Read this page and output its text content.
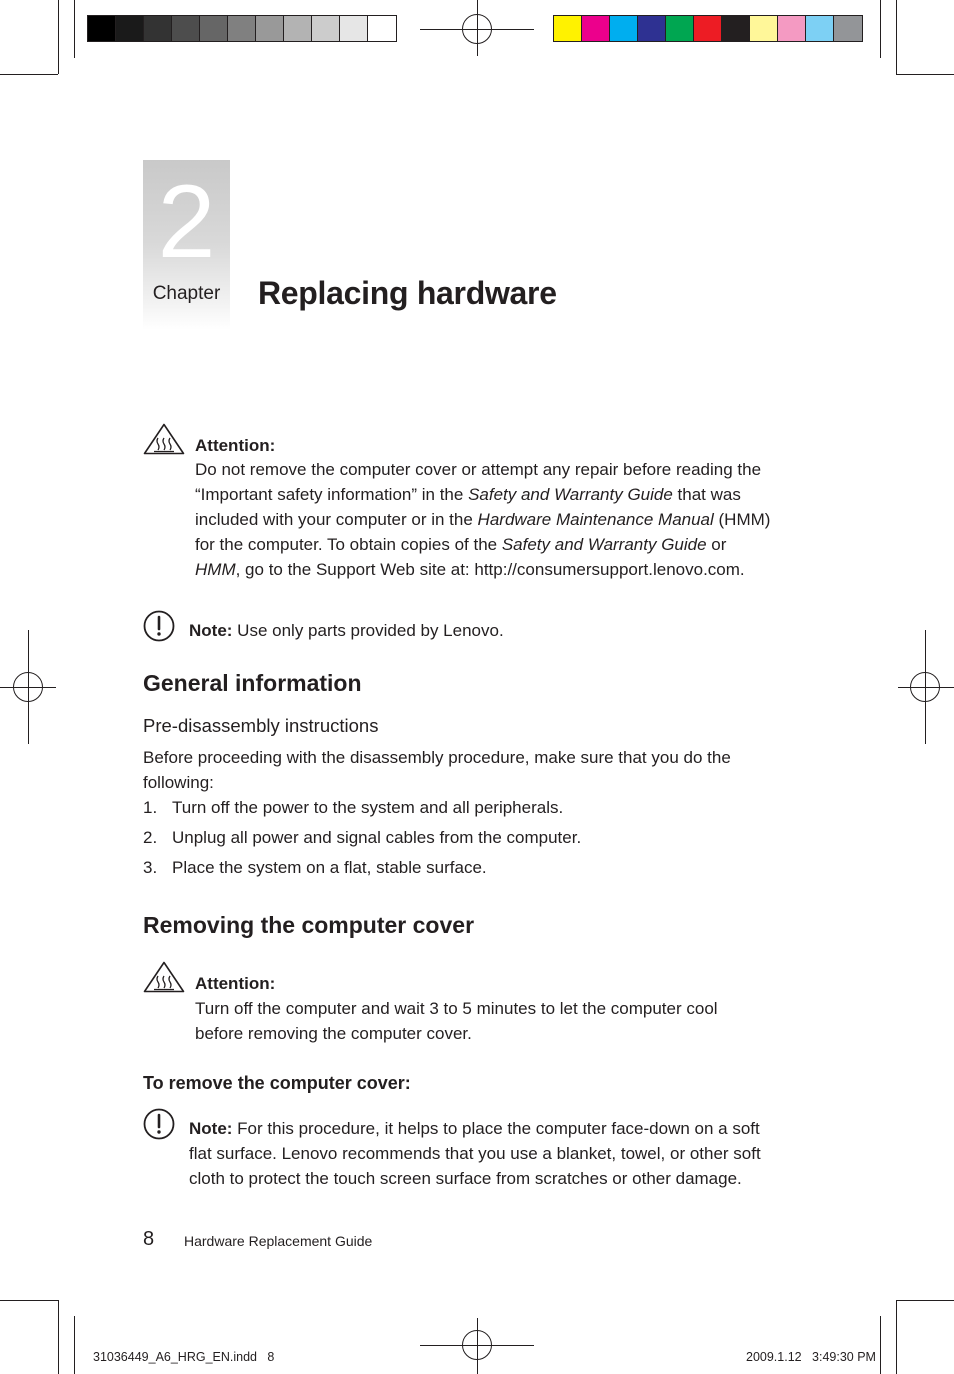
2
Chapter	Replacing hardware
Attention:
Do not remove the computer cover or attempt any repair before reading the
“Important safety information” in the Safety and Warranty Guide that was
included with your computer or in the Hardware Maintenance Manual (HMM)
for the computer. To obtain copies of the Safety and Warranty Guide or
HMM, go to the Support Web site at: http://consumersupport.lenovo.com.
Note: Use only parts provided by Lenovo.
General information
Pre-disassembly instructions
Before proceeding with the disassembly procedure, make sure that you do the
following:
1. Turn off the power to the system and all peripherals.
2. Unplug all power and signal cables from the computer.
3. Place the system on a flat, stable surface.
Removing the computer cover
Attention:
Turn off the computer and wait 3 to 5 minutes to let the computer cool
before removing the computer cover.
To remove the computer cover:
Note: For this procedure, it helps to place the computer face-down on a soft
flat surface. Lenovo recommends that you use a blanket, towel, or other soft
cloth to protect the touch screen surface from scratches or other damage.
8 Hardware Replacement Guide
31036449_A6_HRG_EN.indd   8	2009.1.12   3:49:30 PM
